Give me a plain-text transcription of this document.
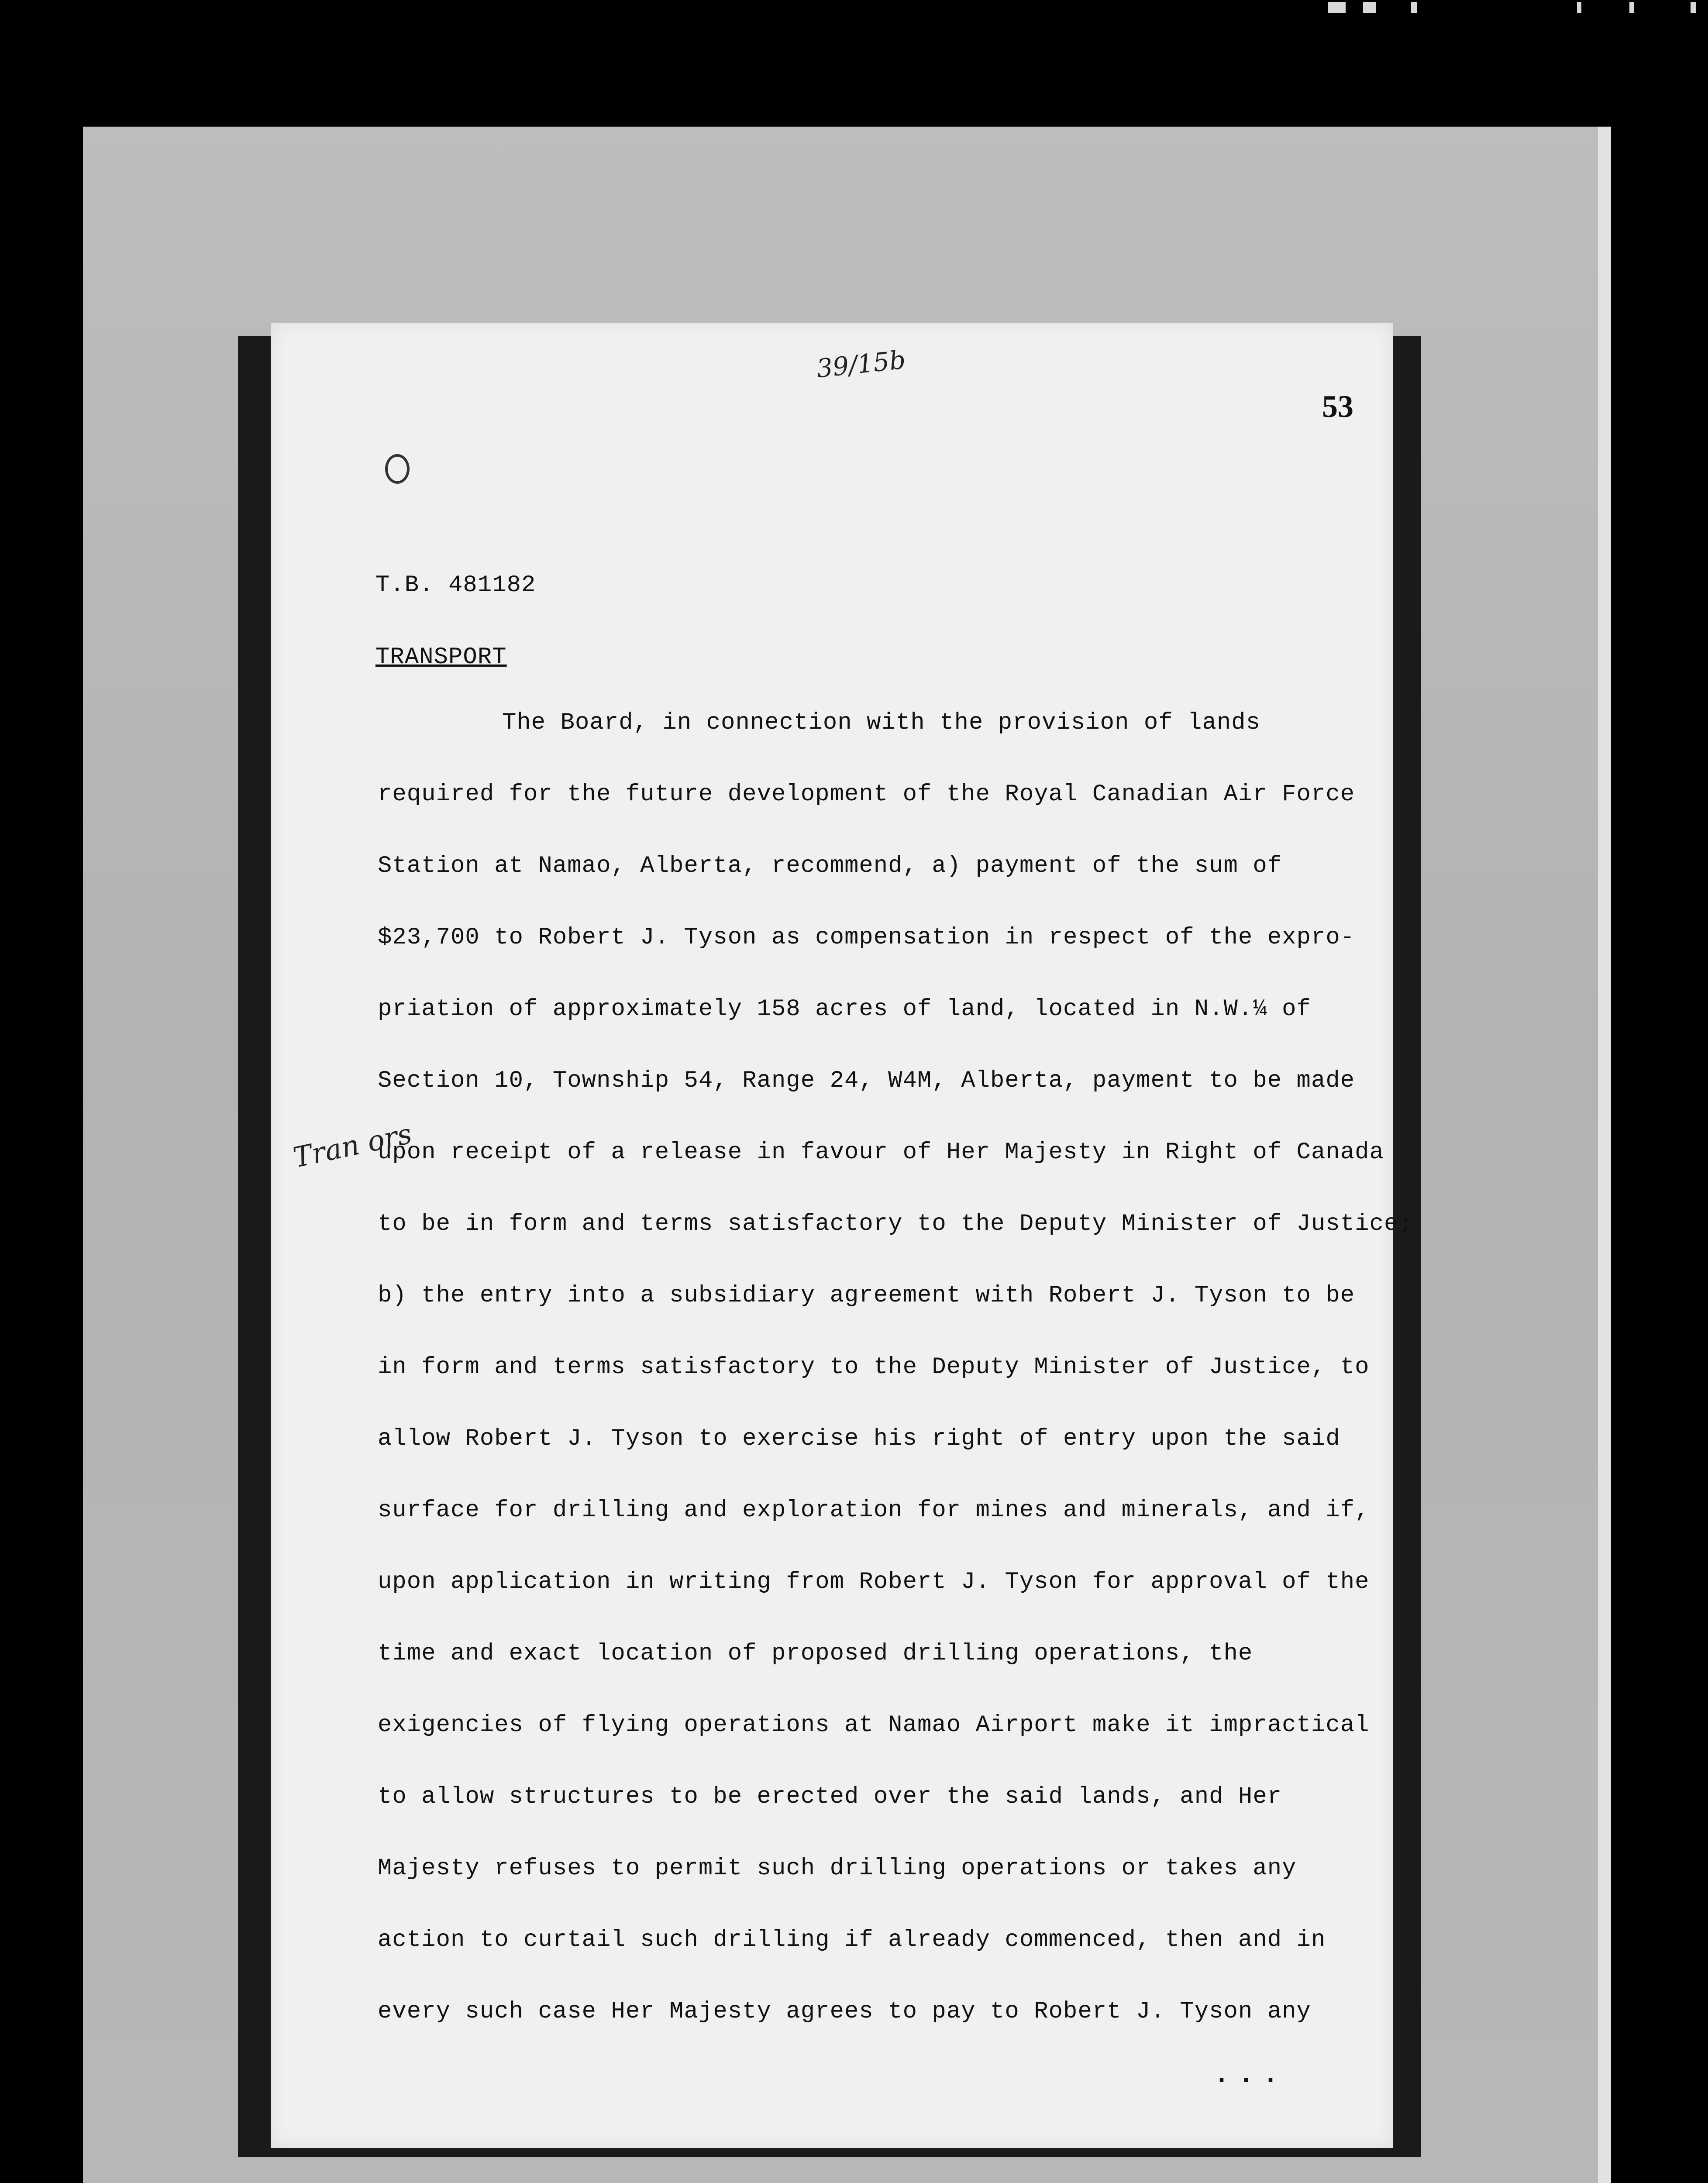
39/15b
53
T.B. 481182
TRANSPORT
The Board, in connection with the provision of lands
required for the future development of the Royal Canadian Air Force
Station at Namao, Alberta, recommend, a) payment of the sum of
$23,700 to Robert J. Tyson as compensation in respect of the expro-
priation of approximately 158 acres of land, located in N.W.¼ of
Section 10, Township 54, Range 24, W4M, Alberta, payment to be made
upon receipt of a release in favour of Her Majesty in Right of Canada
to be in form and terms satisfactory to the Deputy Minister of Justice;
b) the entry into a subsidiary agreement with Robert J. Tyson to be
in form and terms satisfactory to the Deputy Minister of Justice, to
allow Robert J. Tyson to exercise his right of entry upon the said
surface for drilling and exploration for mines and minerals, and if,
upon application in writing from Robert J. Tyson for approval of the
time and exact location of proposed drilling operations, the
exigencies of flying operations at Namao Airport make it impractical
to allow structures to be erected over the said lands, and Her
Majesty refuses to permit such drilling operations or takes any
action to curtail such drilling if already commenced, then and in
every such case Her Majesty agrees to pay to Robert J. Tyson any
...
Tran ors
